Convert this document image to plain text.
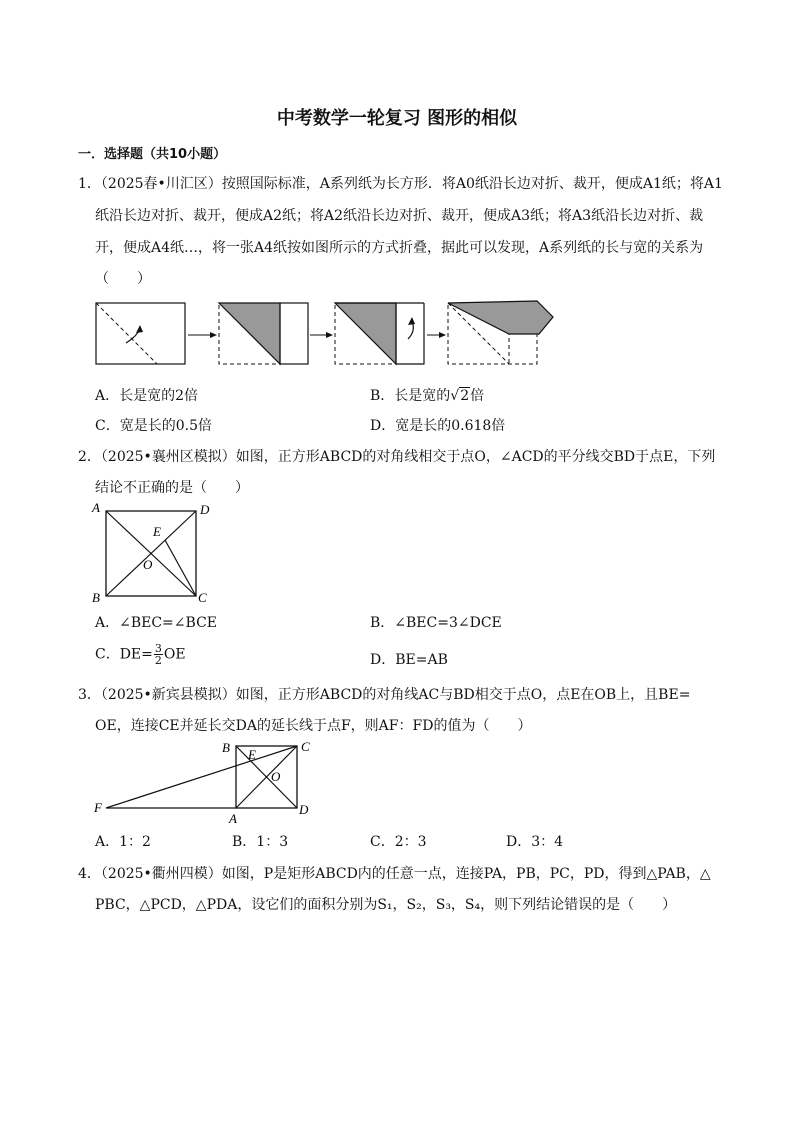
中考数学一轮复习 图形的相似
一．选择题（共10小题）
1．（2025春•川汇区）按照国际标准，A系列纸为长方形．将A0纸沿长边对折、裁开，便成A1纸；将A1
纸沿长边对折、裁开，便成A2纸；将A2纸沿长边对折、裁开，便成A3纸；将A3纸沿长边对折、裁
开，便成A4纸…，将一张A4纸按如图所示的方式折叠，据此可以发现，A系列纸的长与宽的关系为
（　　）
A．长是宽的2倍	B．长是宽的√2倍
C．宽是长的0.5倍	D．宽是长的0.618倍
2．（2025•襄州区模拟）如图，正方形ABCD的对角线相交于点O，∠ACD的平分线交BD于点E，下列
结论不正确的是（　　）
A	D
B	C
E
O
A．∠BEC=∠BCE	B．∠BEC=3∠DCE
C．$DE= \frac{3}{2}$ OE	D．BE=AB
3．（2025•新宾县模拟）如图，正方形ABCD的对角线AC与BD相交于点O，点E在OB上，且BE=
OE，连接CE并延长交DA的延长线于点F，则AF：FD的值为（　　）
B	C
E
O
F
A
D
A．1：2	B．1：3	C．2：3	D．3：4
4．（2025•衢州四模）如图，P是矩形ABCD内的任意一点，连接PA，PB，PC，PD，得到△PAB，△
PBC，△PCD，△PDA，设它们的面积分别为S₁，S₂，S₃，S₄，则下列结论错误的是（　　）
